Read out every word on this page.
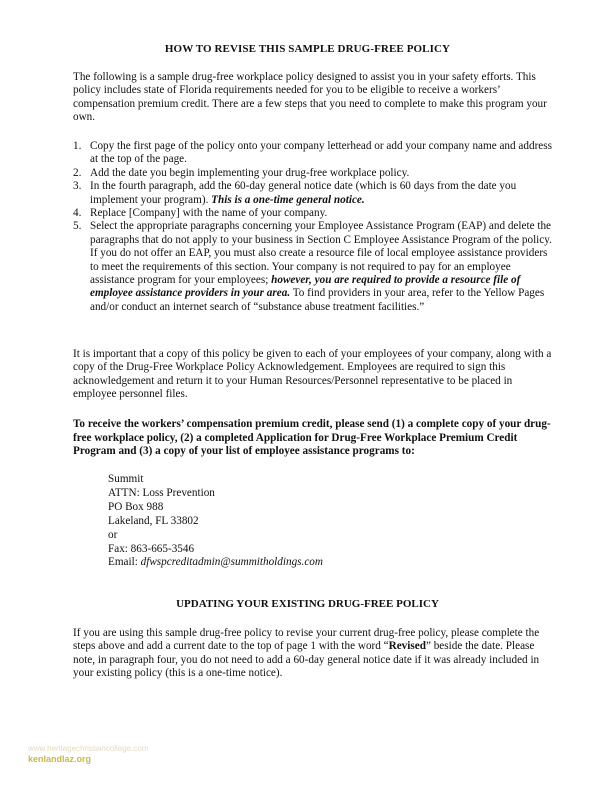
HOW TO REVISE THIS SAMPLE DRUG-FREE POLICY
The following is a sample drug-free workplace policy designed to assist you in your safety efforts. This policy includes state of Florida requirements needed for you to be eligible to receive a workers’ compensation premium credit. There are a few steps that you need to complete to make this program your own.
1. Copy the first page of the policy onto your company letterhead or add your company name and address at the top of the page.
2. Add the date you begin implementing your drug-free workplace policy.
3. In the fourth paragraph, add the 60-day general notice date (which is 60 days from the date you implement your program). This is a one-time general notice.
4. Replace [Company] with the name of your company.
5. Select the appropriate paragraphs concerning your Employee Assistance Program (EAP) and delete the paragraphs that do not apply to your business in Section C Employee Assistance Program of the policy. If you do not offer an EAP, you must also create a resource file of local employee assistance providers to meet the requirements of this section. Your company is not required to pay for an employee assistance program for your employees; however, you are required to provide a resource file of employee assistance providers in your area. To find providers in your area, refer to the Yellow Pages and/or conduct an internet search of “substance abuse treatment facilities.”
It is important that a copy of this policy be given to each of your employees of your company, along with a copy of the Drug-Free Workplace Policy Acknowledgement. Employees are required to sign this acknowledgement and return it to your Human Resources/Personnel representative to be placed in employee personnel files.
To receive the workers’ compensation premium credit, please send (1) a complete copy of your drug-free workplace policy, (2) a completed Application for Drug-Free Workplace Premium Credit Program and (3) a copy of your list of employee assistance programs to:
Summit
ATTN: Loss Prevention
PO Box 988
Lakeland, FL 33802
or
Fax: 863-665-3546
Email: dfwspcreditadmin@summitholdings.com
UPDATING YOUR EXISTING DRUG-FREE POLICY
If you are using this sample drug-free policy to revise your current drug-free policy, please complete the steps above and add a current date to the top of page 1 with the word “Revised” beside the date. Please note, in paragraph four, you do not need to add a 60-day general notice date if it was already included in your existing policy (this is a one-time notice).
www.heritagechristiancollege.com
kenlandlaz.org
